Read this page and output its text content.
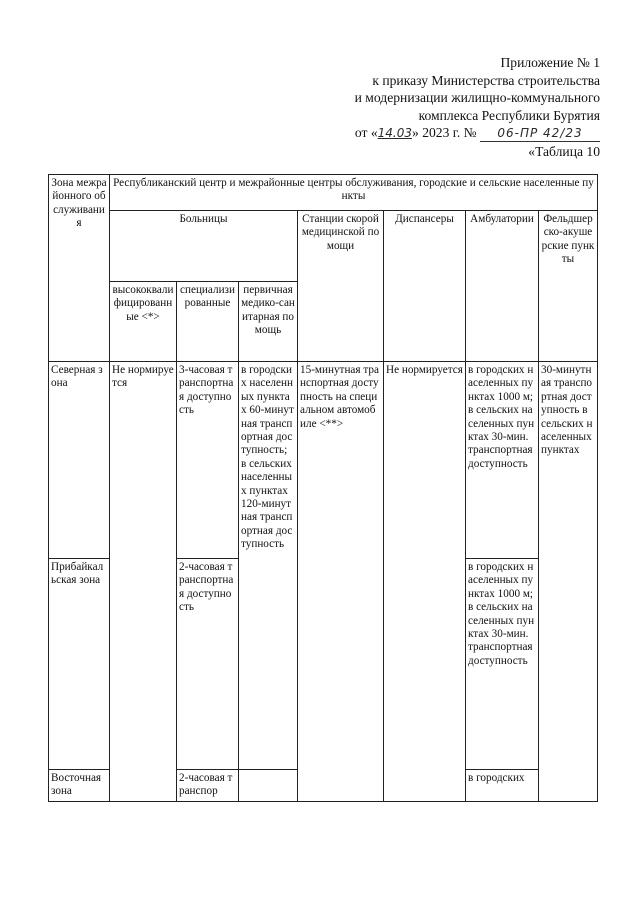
Приложение № 1
к приказу Министерства строительства
и модернизации жилищно-коммунального
комплекса Республики Бурятия
от «14.03» 2023 г. № 06-ПР 42/23
«Таблица 10
Зона межрайонного обслуживания	Республиканский центр и межрайонные центры обслуживания, городские и сельские населенные пункты						
	Больницы			Станции скорой медицинской помощи	Диспансеры	Амбулатории	Фельдшерско-акушерские пункты
	высококвалифицированные <*>	специализированные	первичная медико-санитарная помощь				
Северная зона	Не нормируется	3-часовая транспортная доступность	в городских населенных пунктах 60-минутная транспортная доступность; в сельских населенных пунктах 120-минутная транспортная доступность	15-минутная транспортная доступность на специальном автомобиле <**>	Не нормируется	в городских населенных пунктах 1000 м; в сельских населенных пунктах 30-мин. транспортная доступность	30-минутная транспортная доступность в сельских населенных пунктах
Прибайкальская зона		2-часовая транспортная доступность				в городских населенных пунктах 1000 м; в сельских населенных пунктах 30-мин. транспортная доступность	
Восточная зона		2-часовая транспор				в городских	
